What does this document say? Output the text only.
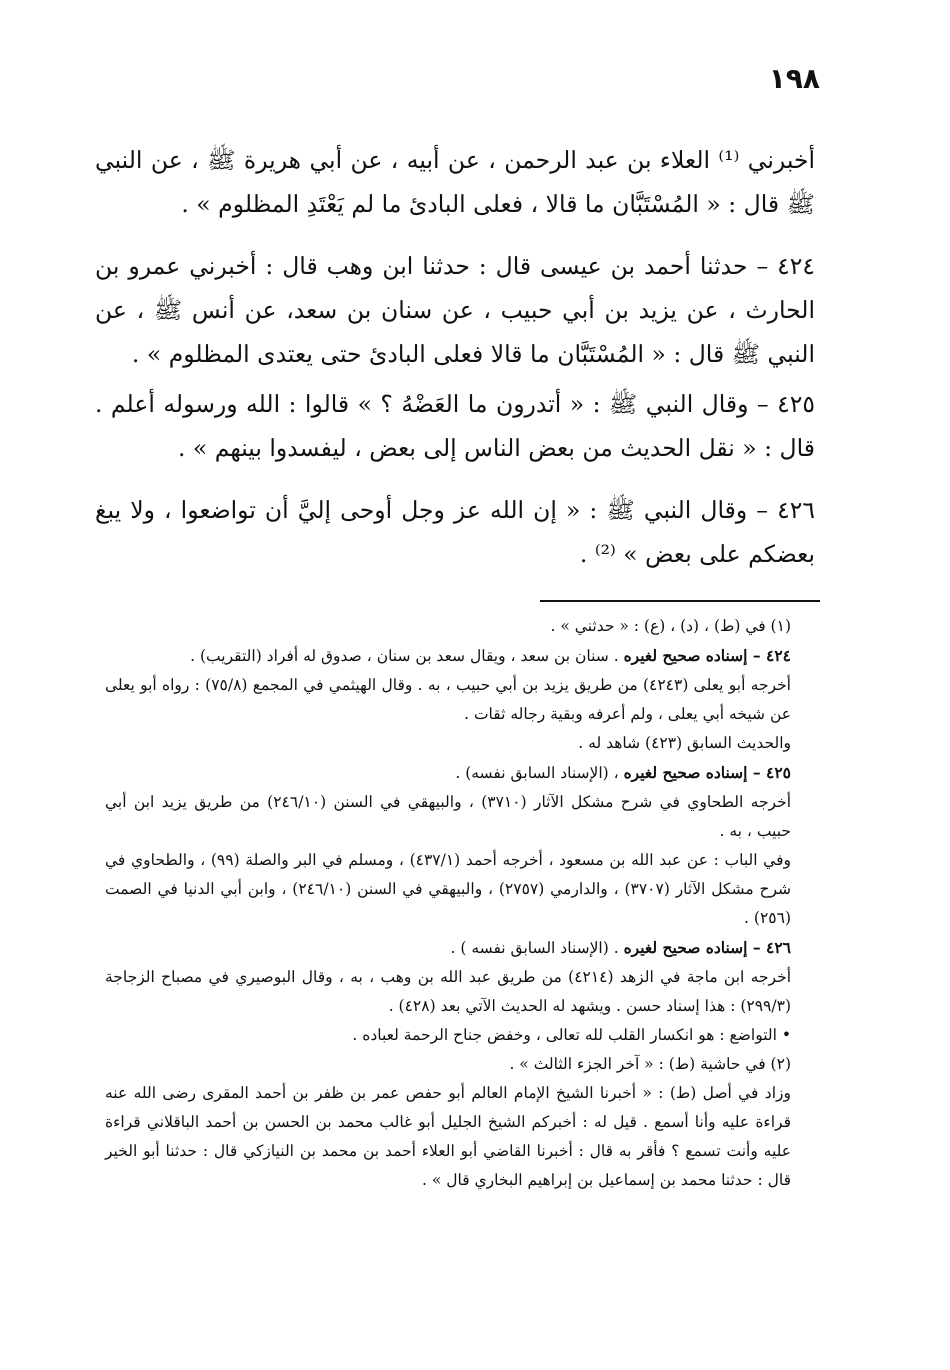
١٩٨

أخبرني ⁽¹⁾ العلاء بن عبد الرحمن ، عن أبيه ، عن أبي هريرة ﷺ ، عن النبي ﷺ قال : « المُسْتَبَّان ما قالا ، فعلى البادئ ما لم يَعْتَدِ المظلوم » .

٤٢٤ – حدثنا أحمد بن عيسى قال : حدثنا ابن وهب قال : أخبرني عمرو بن الحارث ، عن يزيد بن أبي حبيب ، عن سنان بن سعد، عن أنس ﷺ ، عن النبي ﷺ قال : « المُسْتَبَّان ما قالا فعلى البادئ حتى يعتدى المظلوم » .

٤٢٥ – وقال النبي ﷺ : « أتدرون ما العَضْهُ ؟ » قالوا : الله ورسوله أعلم . قال : « نقل الحديث من بعض الناس إلى بعض ، ليفسدوا بينهم » .

٤٢٦ – وقال النبي ﷺ : « إن الله عز وجل أوحى إليَّ أن تواضعوا ، ولا يبغ بعضكم على بعض » ⁽²⁾ .

(١) في (ط) ، (د) ، (ع) : « حدثني » .

٤٢٤ – إسناده صحيح لغيره . سنان بن سعد ، ويقال سعد بن سنان ، صدوق له أفراد (التقريب) .

أخرجه أبو يعلى (٤٢٤٣) من طريق يزيد بن أبي حبيب ، به . وقال الهيثمي في المجمع (٧٥/٨) : رواه أبو يعلى عن شيخه أبي يعلى ، ولم أعرفه وبقية رجاله ثقات .

والحديث السابق (٤٢٣) شاهد له .

٤٢٥ – إسناده صحيح لغيره ، (الإسناد السابق نفسه) .

أخرجه الطحاوي في شرح مشكل الآثار (٣٧١٠) ، والبيهقي في السنن (٢٤٦/١٠) من طريق يزيد ابن أبي حبيب ، به .

وفي الباب : عن عبد الله بن مسعود ، أخرجه أحمد (٤٣٧/١) ، ومسلم في البر والصلة (٩٩) ، والطحاوي في شرح مشكل الآثار (٣٧٠٧) ، والدارمي (٢٧٥٧) ، والبيهقي في السنن (٢٤٦/١٠) ، وابن أبي الدنيا في الصمت (٢٥٦) .

٤٢٦ – إسناده صحيح لغيره . (الإسناد السابق نفسه ) .

أخرجه ابن ماجة في الزهد (٤٢١٤) من طريق عبد الله بن وهب ، به ، وقال البوصيري في مصباح الزجاجة (٢٩٩/٣) : هذا إسناد حسن . ويشهد له الحديث الآتي بعد (٤٢٨) .

• التواضع : هو انكسار القلب لله تعالى ، وخفض جناح الرحمة لعباده .

(٢) في حاشية (ط) : « آخر الجزء الثالث » .

وزاد في أصل (ط) : « أخبرنا الشيخ الإمام العالم أبو حفص عمر بن ظفر بن أحمد المقرى رضى الله عنه قراءة عليه وأنا أسمع . قيل له : أخبركم الشيخ الجليل أبو غالب محمد بن الحسن بن أحمد الباقلاني قراءة عليه وأنت تسمع ؟ فأقر به قال : أخبرنا القاضي أبو العلاء أحمد بن محمد بن النيازكي قال : حدثنا أبو الخير قال : حدثنا محمد بن إسماعيل بن إبراهيم البخاري قال » .
